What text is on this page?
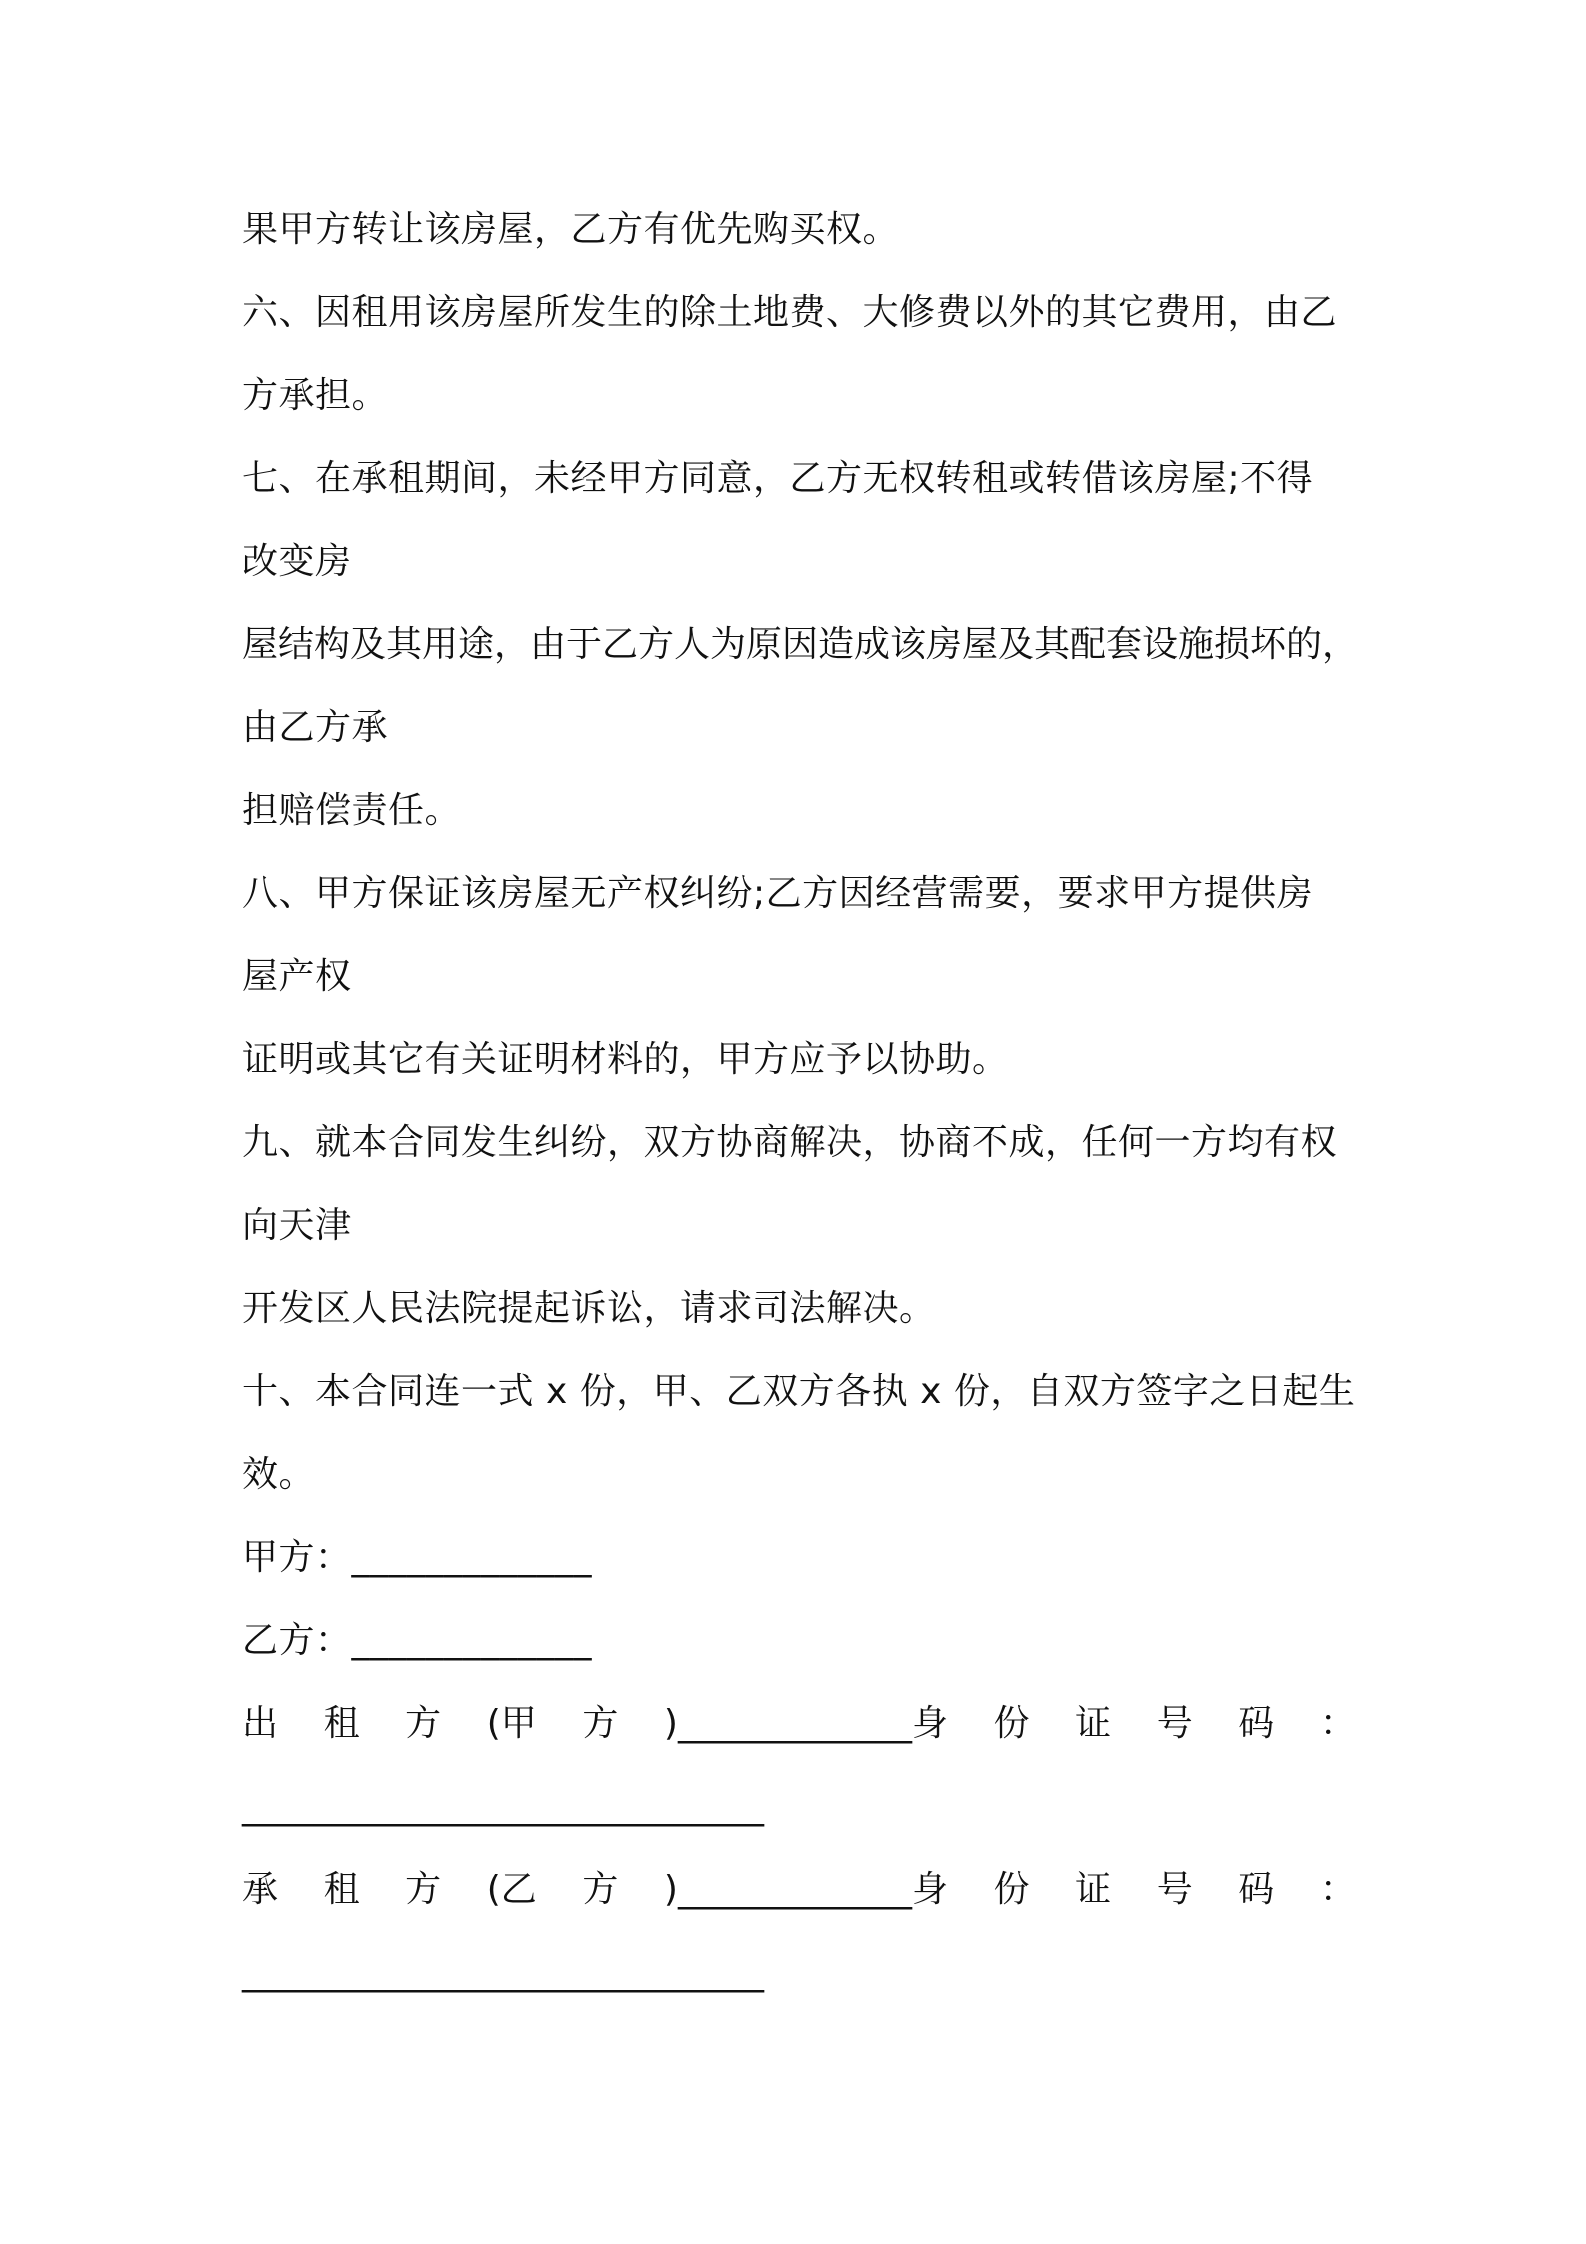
果甲方转让该房屋，乙方有优先购买权。
六、因租用该房屋所发生的除土地费、大修费以外的其它费用，由乙
方承担。
七、在承租期间，未经甲方同意，乙方无权转租或转借该房屋;不得
改变房
屋结构及其用途，由于乙方人为原因造成该房屋及其配套设施损坏的，
由乙方承
担赔偿责任。
八、甲方保证该房屋无产权纠纷;乙方因经营需要，要求甲方提供房
屋产权
证明或其它有关证明材料的，甲方应予以协助。
九、就本合同发生纠纷，双方协商解决，协商不成，任何一方均有权
向天津
开发区人民法院提起诉讼，请求司法解决。
十、本合同连一式 x 份，甲、乙双方各执 x 份，自双方签字之日起生
效。
甲方：_____________
乙方：_____________
出 租 方 (甲 方 )_____________身 份 证 号 码 ：
_____________________________
承 租 方 (乙 方 )_____________身 份 证 号 码 ：
_____________________________
